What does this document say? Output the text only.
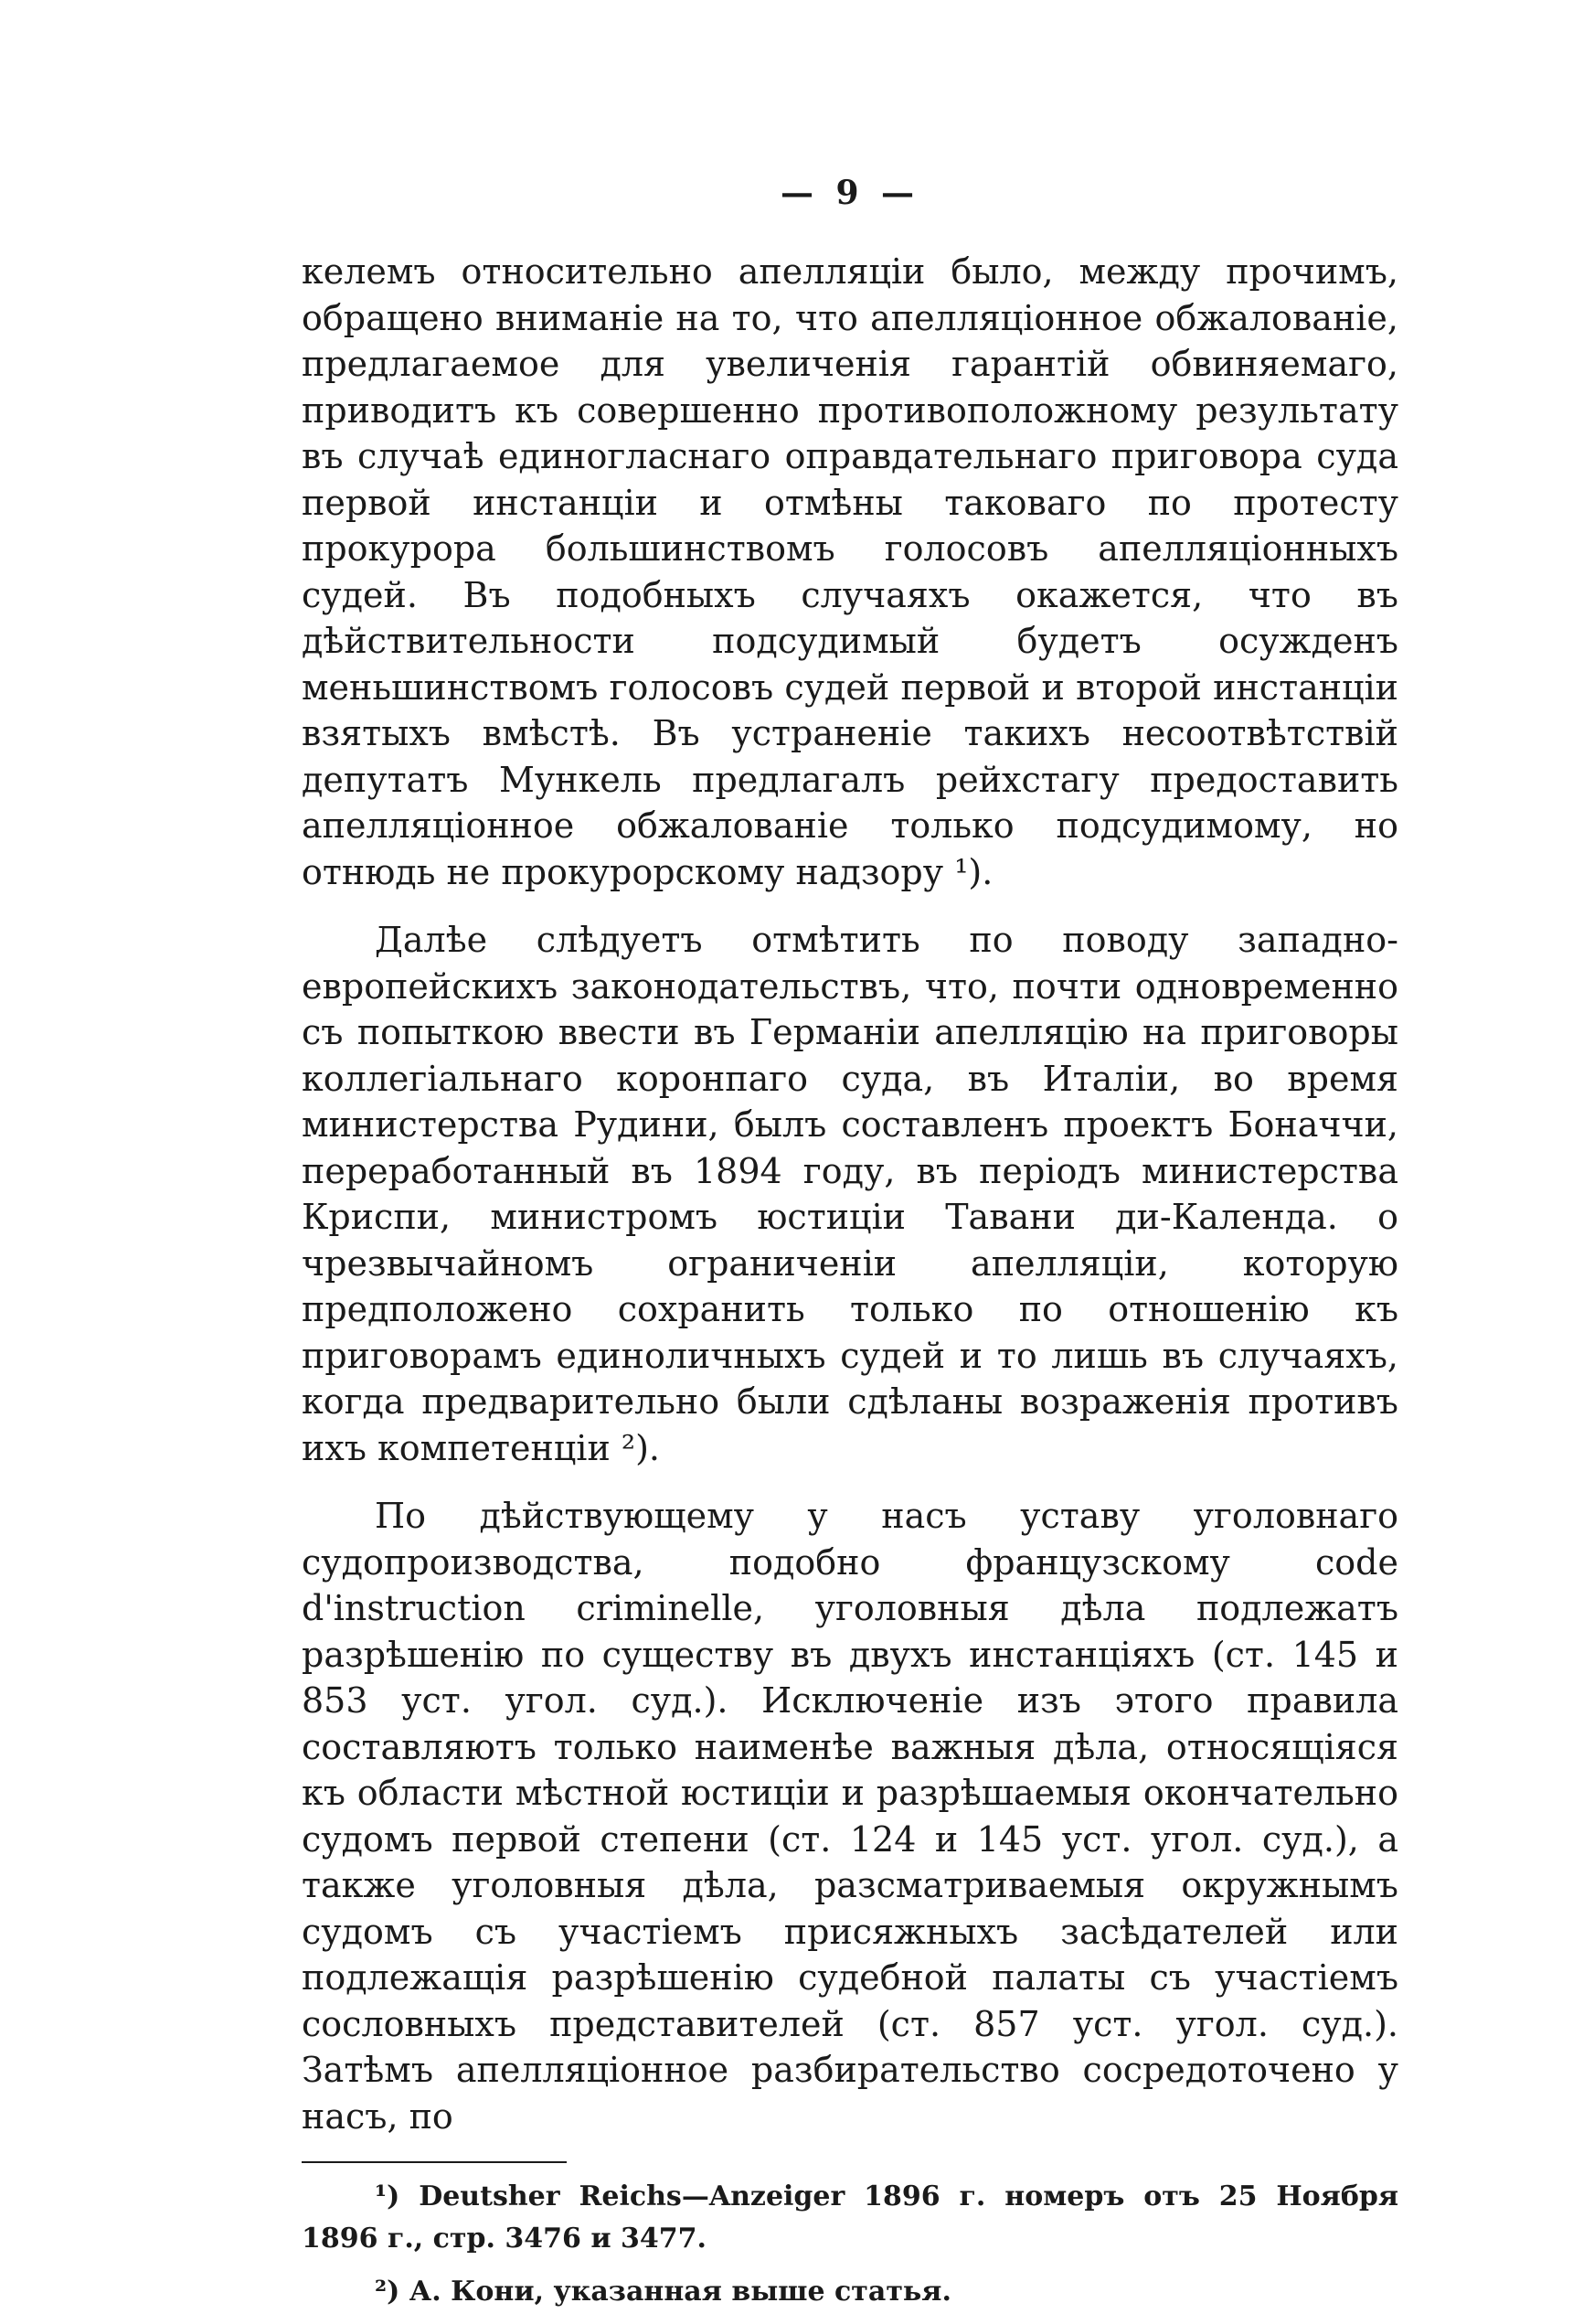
— 9 —

келемъ относительно апелляціи было, между прочимъ, обращено вниманіе на то, что апелляціонное обжалованіе, предлагаемое для увеличенія гарантій обвиняемаго, приводитъ къ совершенно противоположному результату въ случаѣ единогласнаго оправдательнаго приговора суда первой инстанціи и отмѣны таковаго по протесту прокурора большинствомъ голосовъ апелляціонныхъ судей. Въ подобныхъ случаяхъ окажется, что въ дѣйствительности подсудимый будетъ осужденъ меньшинствомъ голосовъ судей первой и второй инстанціи взятыхъ вмѣстѣ. Въ устраненіе такихъ несоотвѣтствій депутатъ Мункель предлагалъ рейхстагу предоставить апелляціонное обжалованіе только подсудимому, но отнюдь не прокурорскому надзору ¹).

Далѣе слѣдуетъ отмѣтить по поводу западно-европейскихъ законодательствъ, что, почти одновременно съ попыткою ввести въ Германіи апелляцію на приговоры коллегіальнаго коронпаго суда, въ Италіи, во время министерства Рудини, былъ составленъ проектъ Боначчи, переработанный въ 1894 году, въ періодъ министерства Криспи, министромъ юстиціи Тавани ди-Календа. о чрезвычайномъ ограниченіи апелляціи, которую предположено сохранить только по отношенію къ приговорамъ единоличныхъ судей и то лишь въ случаяхъ, когда предварительно были сдѣланы возраженія противъ ихъ компетенціи ²).

По дѣйствующему у насъ уставу уголовнаго судопроизводства, подобно французскому code d'instruction criminelle, уголовныя дѣла подлежатъ разрѣшенію по существу въ двухъ инстанціяхъ (ст. 145 и 853 уст. угол. суд.). Исключеніе изъ этого правила составляютъ только наименѣе важныя дѣла, относящіяся къ области мѣстной юстиціи и разрѣшаемыя окончательно судомъ первой степени (ст. 124 и 145 уст. угол. суд.), а также уголовныя дѣла, разсматриваемыя окружнымъ судомъ съ участіемъ присяжныхъ засѣдателей или подлежащія разрѣшенію судебной палаты съ участіемъ сословныхъ представителей (ст. 857 уст. угол. суд.). Затѣмъ апелляціонное разбирательство сосредоточено у насъ, по

¹) Deutsher Reichs—Anzeiger 1896 г. номеръ отъ 25 Ноября 1896 г., стр. 3476 и 3477.

²) А. Кони, указанная выше статья.
